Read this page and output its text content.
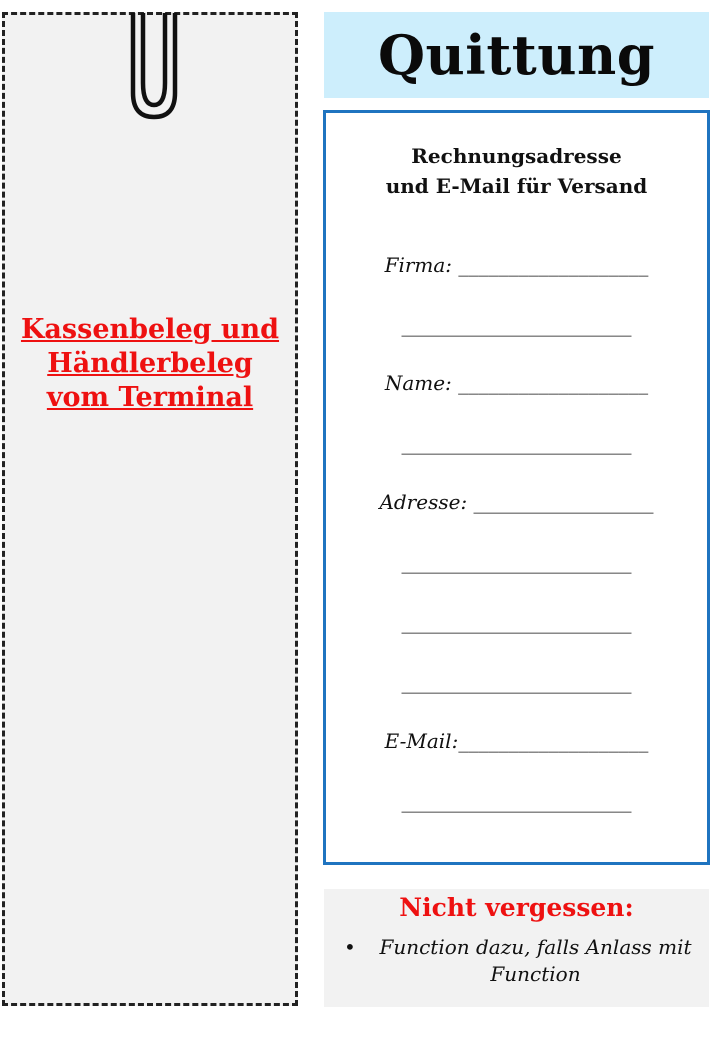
Kassenbeleg und Händlerbeleg vom Terminal
Quittung
Rechnungsadresse
und E-Mail für Versand
Firma: ___________________
_______________________
Name: ___________________
_______________________
Adresse: __________________
_______________________
_______________________
_______________________
E-Mail:___________________
_______________________
Nicht vergessen:
•	Function dazu, falls Anlass mit Function
